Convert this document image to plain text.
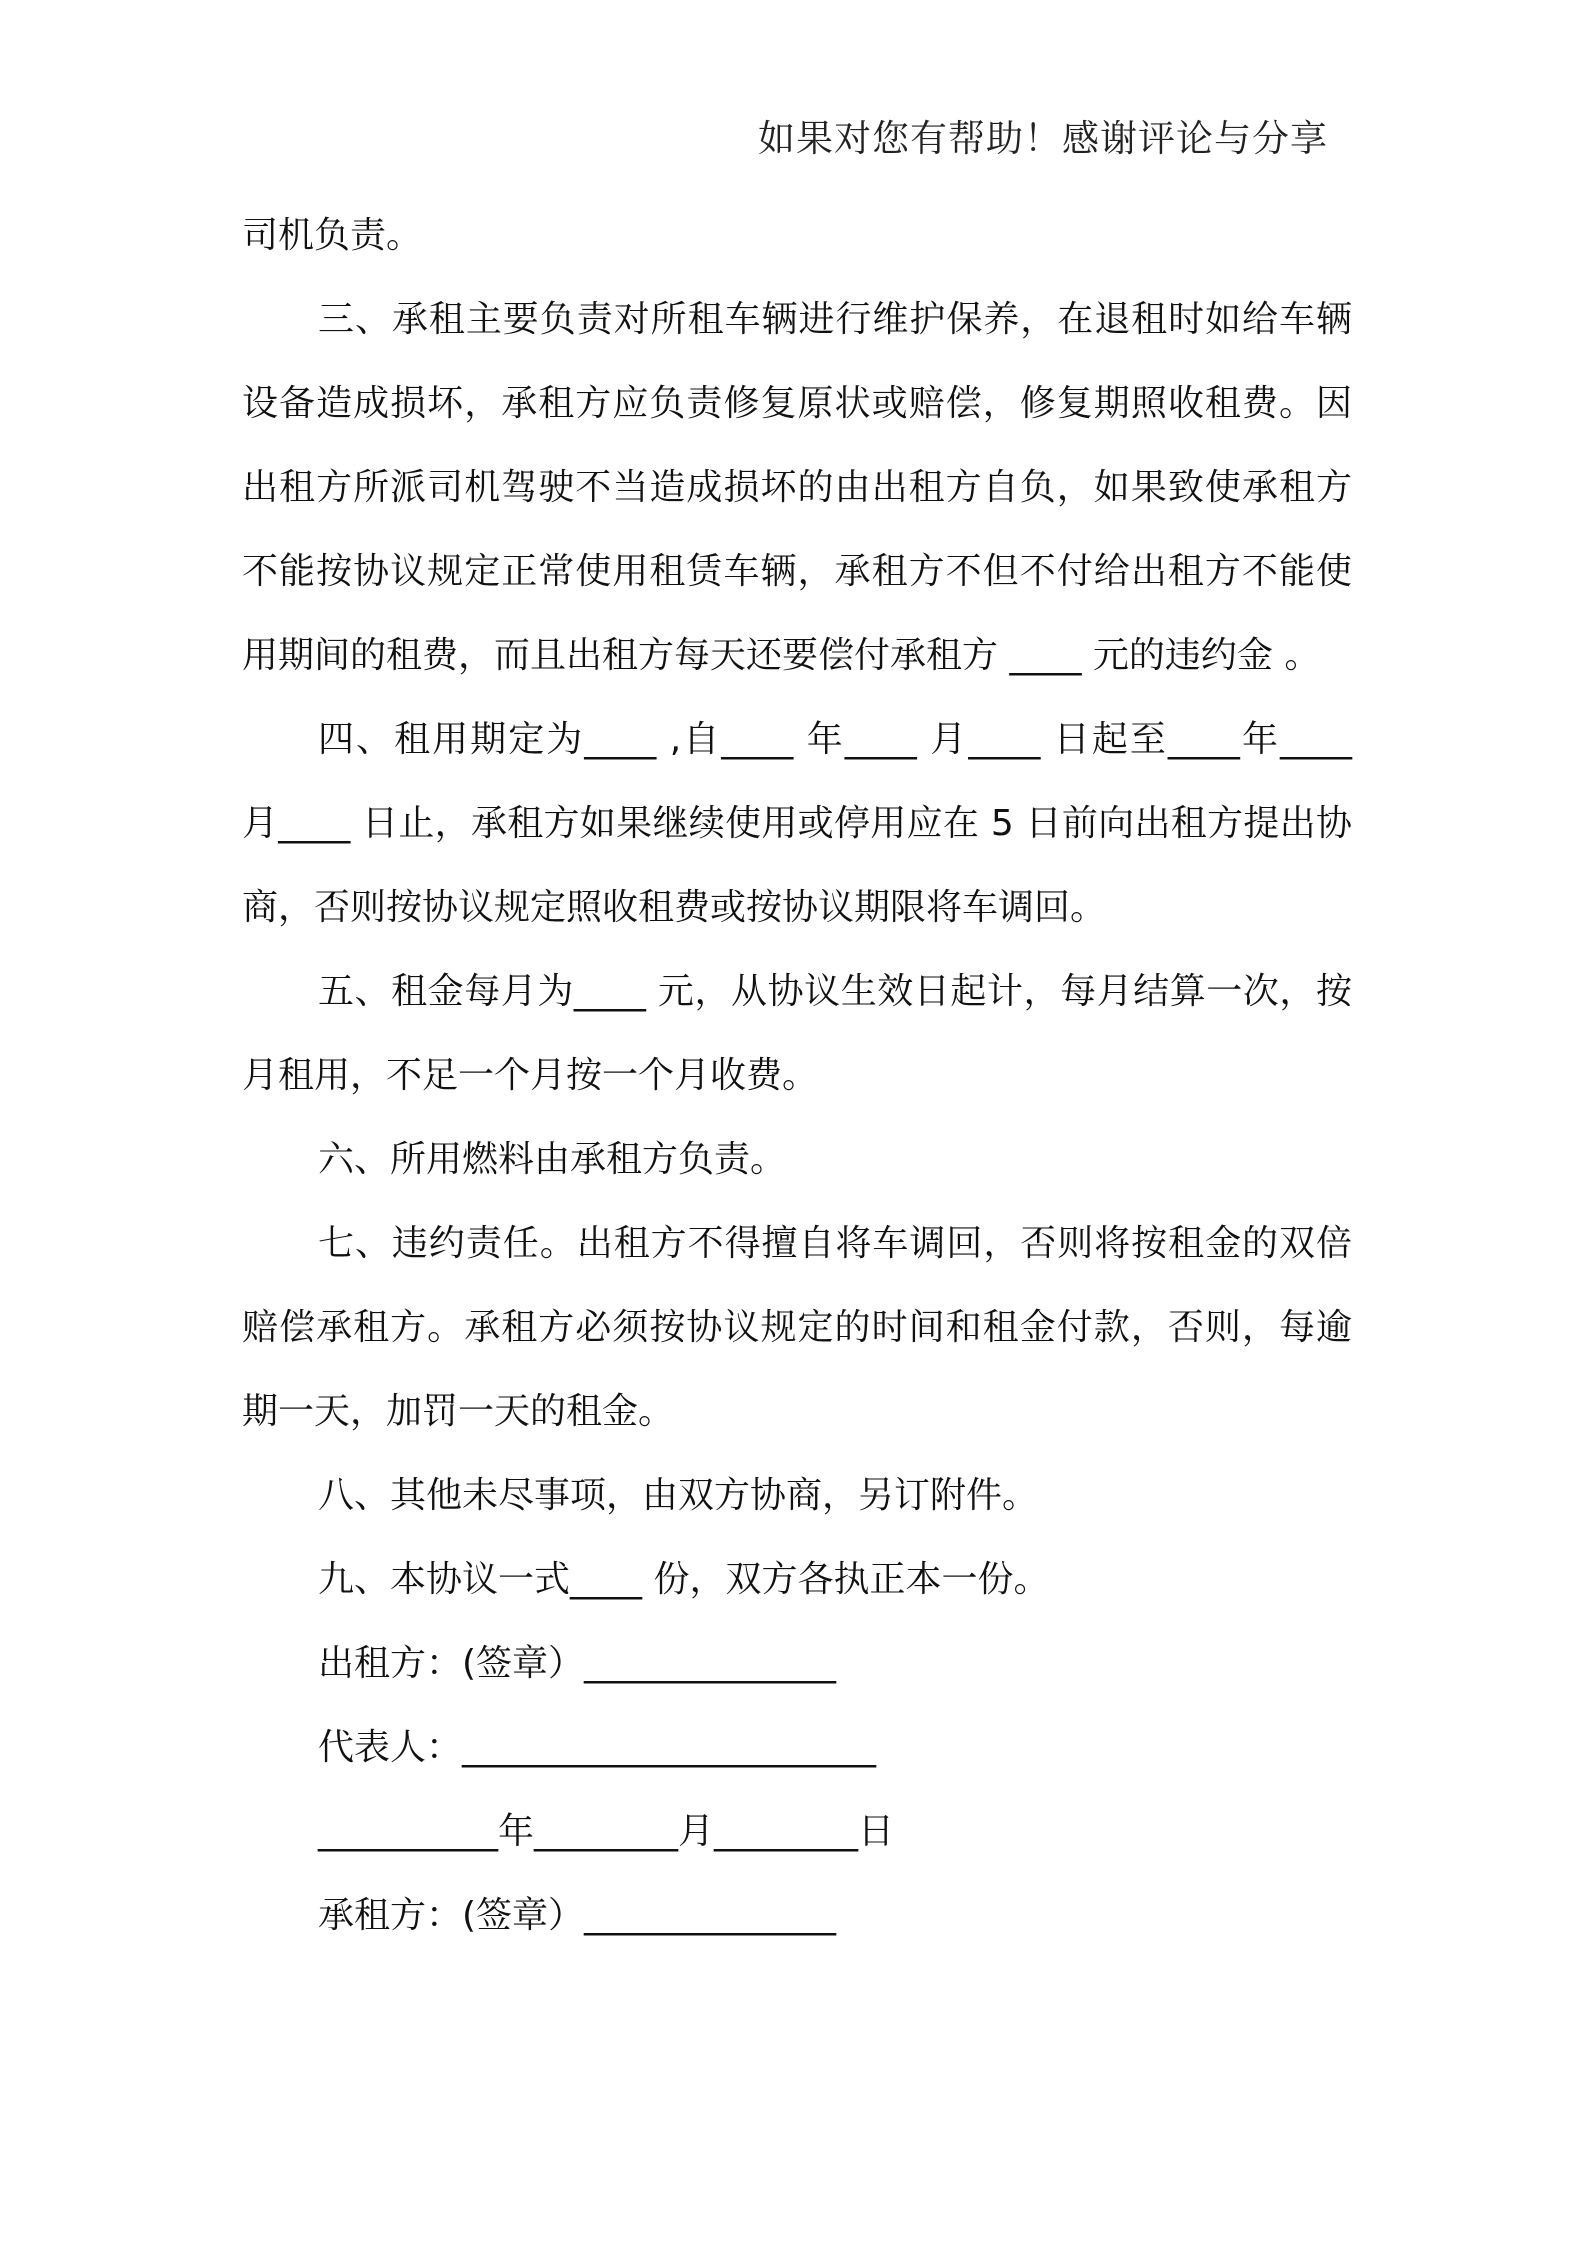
如果对您有帮助！感谢评论与分享

司机负责。

三、承租主要负责对所租车辆进行维护保养，在退租时如给车辆设备造成损坏，承租方应负责修复原状或赔偿，修复期照收租费。因出租方所派司机驾驶不当造成损坏的由出租方自负，如果致使承租方不能按协议规定正常使用租赁车辆，承租方不但不付给出租方不能使用期间的租费，而且出租方每天还要偿付承租方 ____ 元的违约金 。

四、租用期定为____ ,自____ 年____ 月____ 日起至____年____ 月____ 日止，承租方如果继续使用或停用应在 5 日前向出租方提出协商，否则按协议规定照收租费或按协议期限将车调回。

五、租金每月为____ 元，从协议生效日起计，每月结算一次，按月租用，不足一个月按一个月收费。

六、所用燃料由承租方负责。

七、违约责任。出租方不得擅自将车调回，否则将按租金的双倍赔偿承租方。承租方必须按协议规定的时间和租金付款，否则，每逾期一天，加罚一天的租金。

八、其他未尽事项，由双方协商，另订附件。

九、本协议一式____ 份，双方各执正本一份。

出租方：(签章）______________

代表人：_______________________

__________年________月________日

承租方：(签章）______________
